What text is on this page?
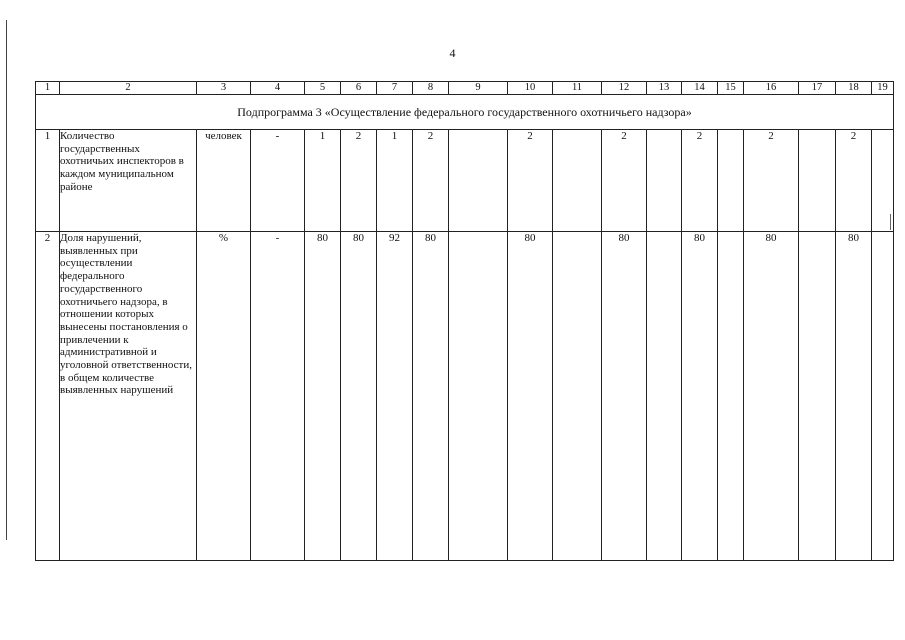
4
1	2	3	4	5	6	7	8	9	10	11	12	13	14	15	16	17	18	19
Подпрограмма 3 «Осуществление федерального государственного охотничьего надзора»																		
1	Количество государственных охотничьих инспекторов в каждом муниципальном районе	человек	-	1	2	1	2		2		2		2		2		2	
2	Доля нарушений, выявленных при осуществлении федерального государственного охотничьего надзора, в отношении которых вынесены постановления о привлечении к административной и уголовной ответственности, в общем количестве выявленных нарушений	%	-	80	80	92	80		80		80		80		80		80	
